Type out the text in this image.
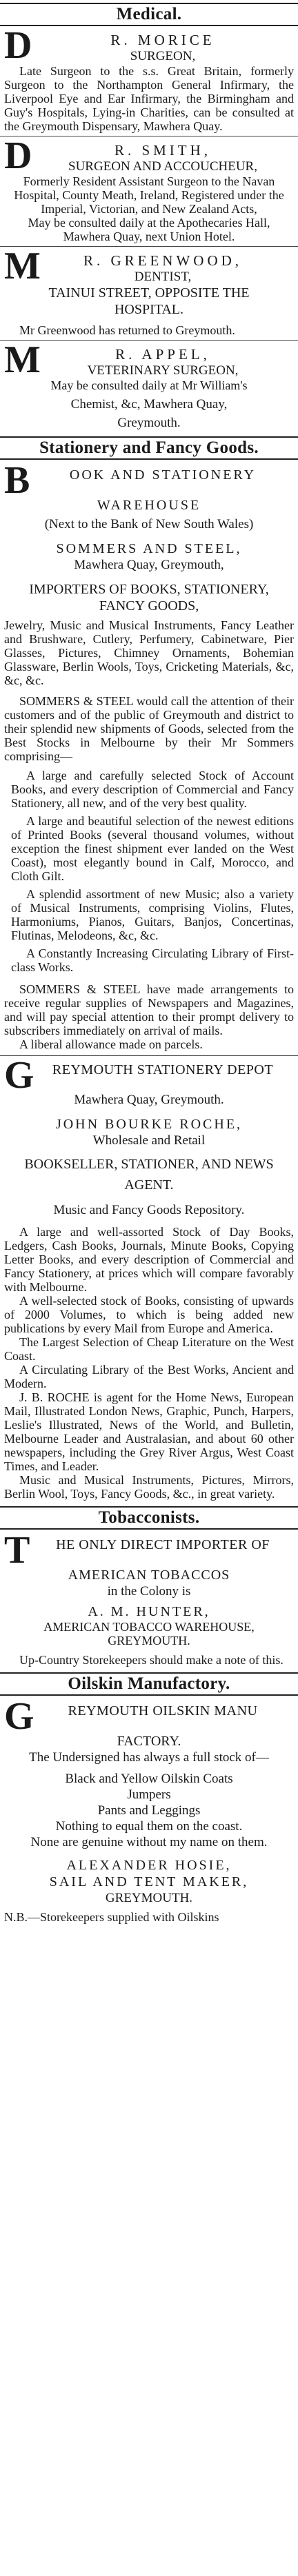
Medical.
D	R. MORICE
SURGEON,

Late Surgeon to the s.s. Great Britain, formerly Surgeon to the Northampton General Infirmary, the Liverpool Eye and Ear Infirmary, the Birmingham and Guy's Hospitals, Lying-in Charities, can be consulted at the Greymouth Dispensary, Mawhera Quay.

D	R. SMITH,
SURGEON AND ACCOUCHEUR,

Formerly Resident Assistant Surgeon to the Navan Hospital, County Meath, Ireland, Registered under the Imperial, Victorian, and New Zealand Acts,

May be consulted daily at the Apothecaries Hall, Mawhera Quay, next Union Hotel.

M	R. GREENWOOD,
DENTIST,
TAINUI STREET, OPPOSITE THE HOSPITAL.

Mr Greenwood has returned to Greymouth.

M	R. APPEL,
VETERINARY SURGEON,

May be consulted daily at Mr William's

Chemist, &c, Mawhera Quay,

Greymouth.

Stationery and Fancy Goods.
B	OOK AND STATIONERY
WAREHOUSE
(Next to the Bank of New South Wales)
SOMMERS AND STEEL,
Mawhera Quay, Greymouth,
IMPORTERS OF BOOKS, STATIONERY, FANCY GOODS,

Jewelry, Music and Musical Instruments, Fancy Leather and Brushware, Cutlery, Perfumery, Cabinetware, Pier Glasses, Pictures, Chimney Ornaments, Bohemian Glassware, Berlin Wools, Toys, Cricketing Materials, &c, &c, &c.

SOMMERS & STEEL would call the attention of their customers and of the public of Greymouth and district to their splendid new shipments of Goods, selected from the Best Stocks in Melbourne by their Mr Sommers comprising—

A large and carefully selected Stock of Account Books, and every description of Commercial and Fancy Stationery, all new, and of the very best quality.

A large and beautiful selection of the newest editions of Printed Books (several thousand volumes, without exception the finest shipment ever landed on the West Coast), most elegantly bound in Calf, Morocco, and Cloth Gilt.

A splendid assortment of new Music; also a variety of Musical Instruments, comprising Violins, Flutes, Harmoniums, Pianos, Guitars, Banjos, Concertinas, Flutinas, Melodeons, &c, &c.

A Constantly Increasing Circulating Library of First-class Works.

SOMMERS & STEEL have made arrangements to receive regular supplies of Newspapers and Magazines, and will pay special attention to their prompt delivery to subscribers immediately on arrival of mails.

A liberal allowance made on parcels.

G	REYMOUTH STATIONERY DEPOT
Mawhera Quay, Greymouth.
JOHN BOURKE ROCHE,
Wholesale and Retail
BOOKSELLER, STATIONER, AND NEWS AGENT.
Music and Fancy Goods Repository.

A large and well-assorted Stock of Day Books, Ledgers, Cash Books, Journals, Minute Books, Copying Letter Books, and every description of Commercial and Fancy Stationery, at prices which will compare favorably with Melbourne.

A well-selected stock of Books, consisting of upwards of 2000 Volumes, to which is being added new publications by every Mail from Europe and America.

The Largest Selection of Cheap Literature on the West Coast.

A Circulating Library of the Best Works, Ancient and Modern.

J. B. ROCHE is agent for the Home News, European Mail, Illustrated London News, Graphic, Punch, Harpers, Leslie's Illustrated, News of the World, and Bulletin, Melbourne Leader and Australasian, and about 60 other newspapers, including the Grey River Argus, West Coast Times, and Leader.

Music and Musical Instruments, Pictures, Mirrors, Berlin Wool, Toys, Fancy Goods, &c., in great variety.

Tobacconists.
T	HE ONLY DIRECT IMPORTER OF
AMERICAN TOBACCOS
in the Colony is
A. M. HUNTER,

AMERICAN TOBACCO WAREHOUSE, GREYMOUTH.

Up-Country Storekeepers should make a note of this.

Oilskin Manufactory.
G	REYMOUTH OILSKIN MANU
FACTORY.

The Undersigned has always a full stock of—

Black and Yellow Oilskin Coats

Jumpers

Pants and Leggings

Nothing to equal them on the coast.

None are genuine without my name on them.

ALEXANDER HOSIE,
SAIL AND TENT MAKER,
GREYMOUTH.

N.B.—Storekeepers supplied with Oilskins
